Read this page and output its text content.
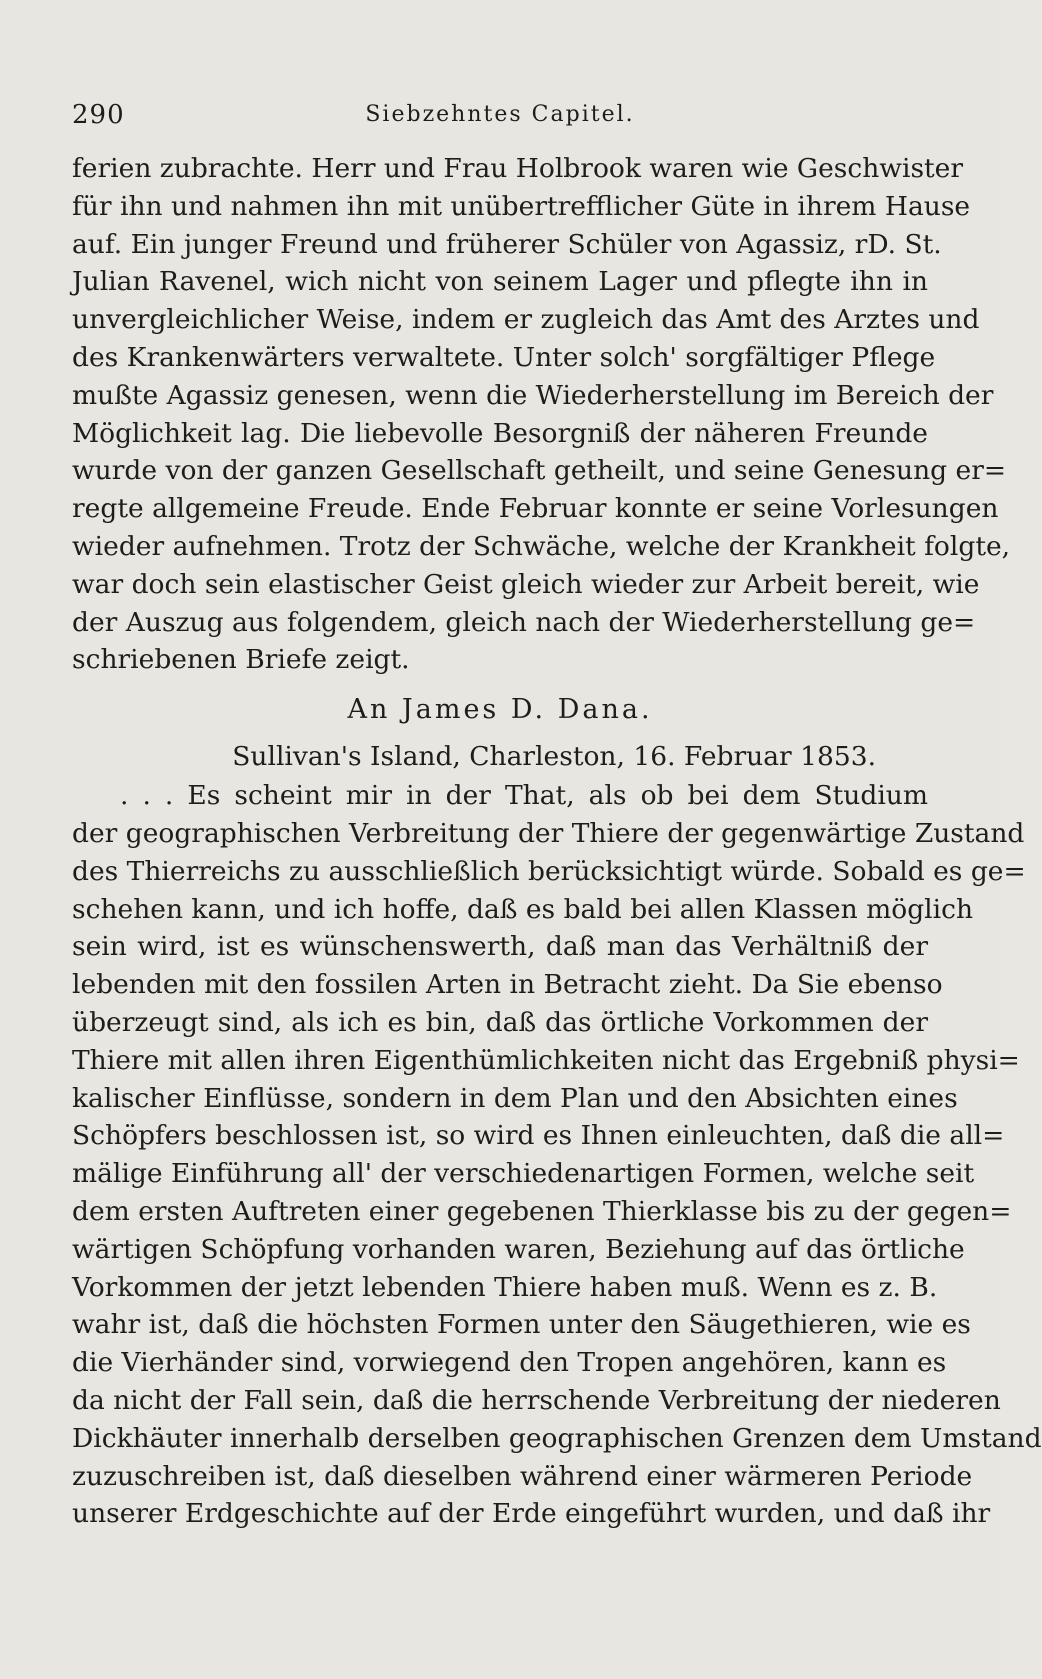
290	Siebzehntes Capitel.
ferien zubrachte. Herr und Frau Holbrook waren wie Geschwister
für ihn und nahmen ihn mit unübertrefflicher Güte in ihrem Hause
auf. Ein junger Freund und früherer Schüler von Agassiz, rD. St.
Julian Ravenel, wich nicht von seinem Lager und pflegte ihn in
unvergleichlicher Weise, indem er zugleich das Amt des Arztes und
des Krankenwärters verwaltete. Unter solch' sorgfältiger Pflege
mußte Agassiz genesen, wenn die Wiederherstellung im Bereich der
Möglichkeit lag. Die liebevolle Besorgniß der näheren Freunde
wurde von der ganzen Gesellschaft getheilt, und seine Genesung er=
regte allgemeine Freude. Ende Februar konnte er seine Vorlesungen
wieder aufnehmen. Trotz der Schwäche, welche der Krankheit folgte,
war doch sein elastischer Geist gleich wieder zur Arbeit bereit, wie
der Auszug aus folgendem, gleich nach der Wiederherstellung ge=
schriebenen Briefe zeigt.
An James D. Dana.
Sullivan's Island, Charleston, 16. Februar 1853.
. . . Es scheint mir in der That, als ob bei dem Studium
der geographischen Verbreitung der Thiere der gegenwärtige Zustand
des Thierreichs zu ausschließlich berücksichtigt würde. Sobald es ge=
schehen kann, und ich hoffe, daß es bald bei allen Klassen möglich
sein wird, ist es wünschenswerth, daß man das Verhältniß der
lebenden mit den fossilen Arten in Betracht zieht. Da Sie ebenso
überzeugt sind, als ich es bin, daß das örtliche Vorkommen der
Thiere mit allen ihren Eigenthümlichkeiten nicht das Ergebniß physi=
kalischer Einflüsse, sondern in dem Plan und den Absichten eines
Schöpfers beschlossen ist, so wird es Ihnen einleuchten, daß die all=
mälige Einführung all' der verschiedenartigen Formen, welche seit
dem ersten Auftreten einer gegebenen Thierklasse bis zu der gegen=
wärtigen Schöpfung vorhanden waren, Beziehung auf das örtliche
Vorkommen der jetzt lebenden Thiere haben muß. Wenn es z. B.
wahr ist, daß die höchsten Formen unter den Säugethieren, wie es
die Vierhänder sind, vorwiegend den Tropen angehören, kann es
da nicht der Fall sein, daß die herrschende Verbreitung der niederen
Dickhäuter innerhalb derselben geographischen Grenzen dem Umstand
zuzuschreiben ist, daß dieselben während einer wärmeren Periode
unserer Erdgeschichte auf der Erde eingeführt wurden, und daß ihr
